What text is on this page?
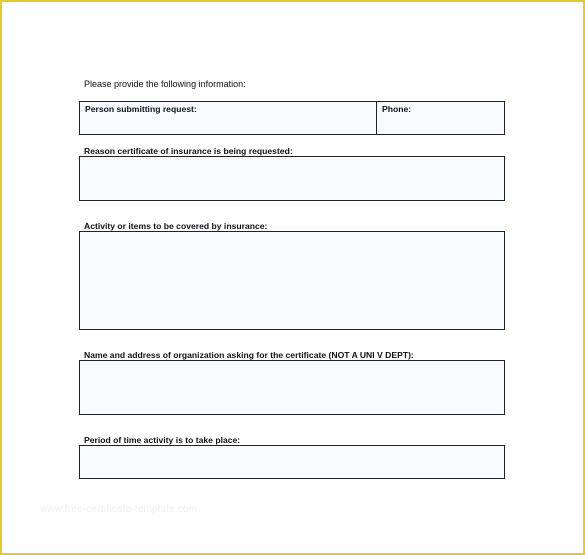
Please provide the following information:
Person submitting request:	Phone:
Reason certificate of insurance is being requested:
Activity or items to be covered by insurance:
Name and address of organization asking for the certificate (NOT A UNI V DEPT):
Period of time activity is to take place:
www.free-certificate-template.com
